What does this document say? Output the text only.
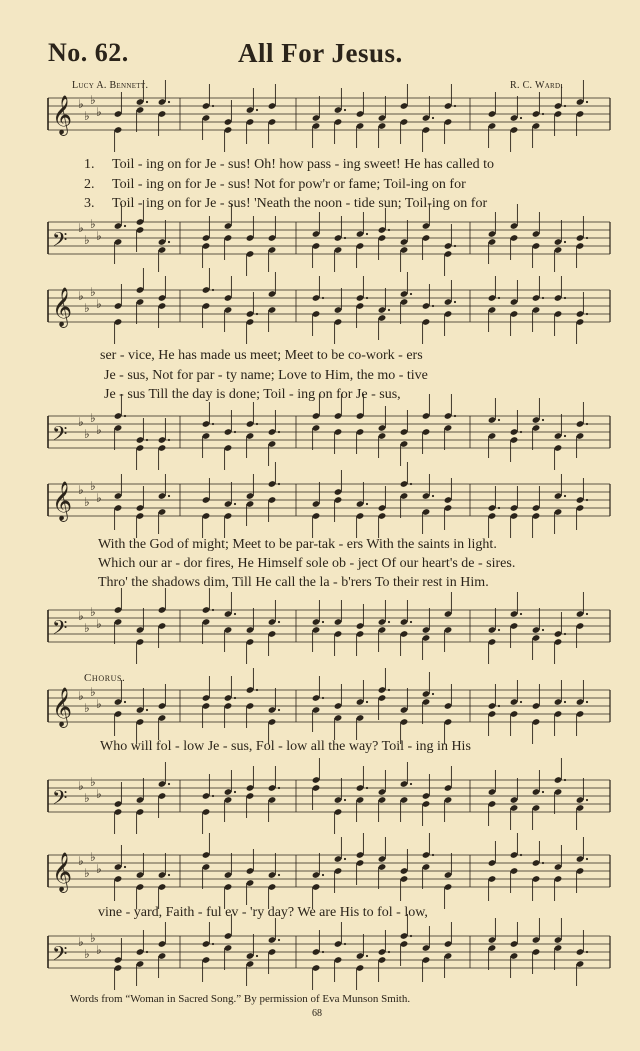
No. 62.	All For Jesus.
Lucy A. Bennett.	R. C. Ward.
𝄞 ♭
♭
♭
♭
𝄢 ♭
♭
♭
♭
𝄞 ♭
♭
♭
♭
𝄢 ♭
♭
♭
♭
𝄞 ♭
♭
♭
♭
𝄢 ♭
♭
♭
♭
𝄞 ♭
♭
♭
♭
𝄢 ♭
♭
♭
♭
𝄞 ♭
♭
♭
♭
𝄢 ♭
♭
♭
♭
1. Toil - ing on for Je - sus! Oh! how pass - ing sweet! He has called to
2. Toil - ing on for Je - sus! Not for pow'r or fame; Toil-ing on for
3. Toil - ing on for Je - sus! 'Neath the noon - tide sun; Toil-ing on for
ser - vice, He has made us meet; Meet to be co-work - ers
Je - sus, Not for par - ty name; Love to Him, the mo - tive
Je - sus Till the day is done; Toil - ing on for Je - sus,
With the God of might; Meet to be par-tak - ers With the saints in light.
Which our ar - dor fires, He Himself sole ob - ject Of our heart's de - sires.
Thro' the shadows dim, Till He call the la - b'rers To their rest in Him.
Chorus.
Who will fol - low Je - sus, Fol - low all the way? Toil - ing in His
vine - yard, Faith - ful ev - 'ry day? We are His to fol - low,
Words from “Woman in Sacred Song.” By permission of Eva Munson Smith.
68
